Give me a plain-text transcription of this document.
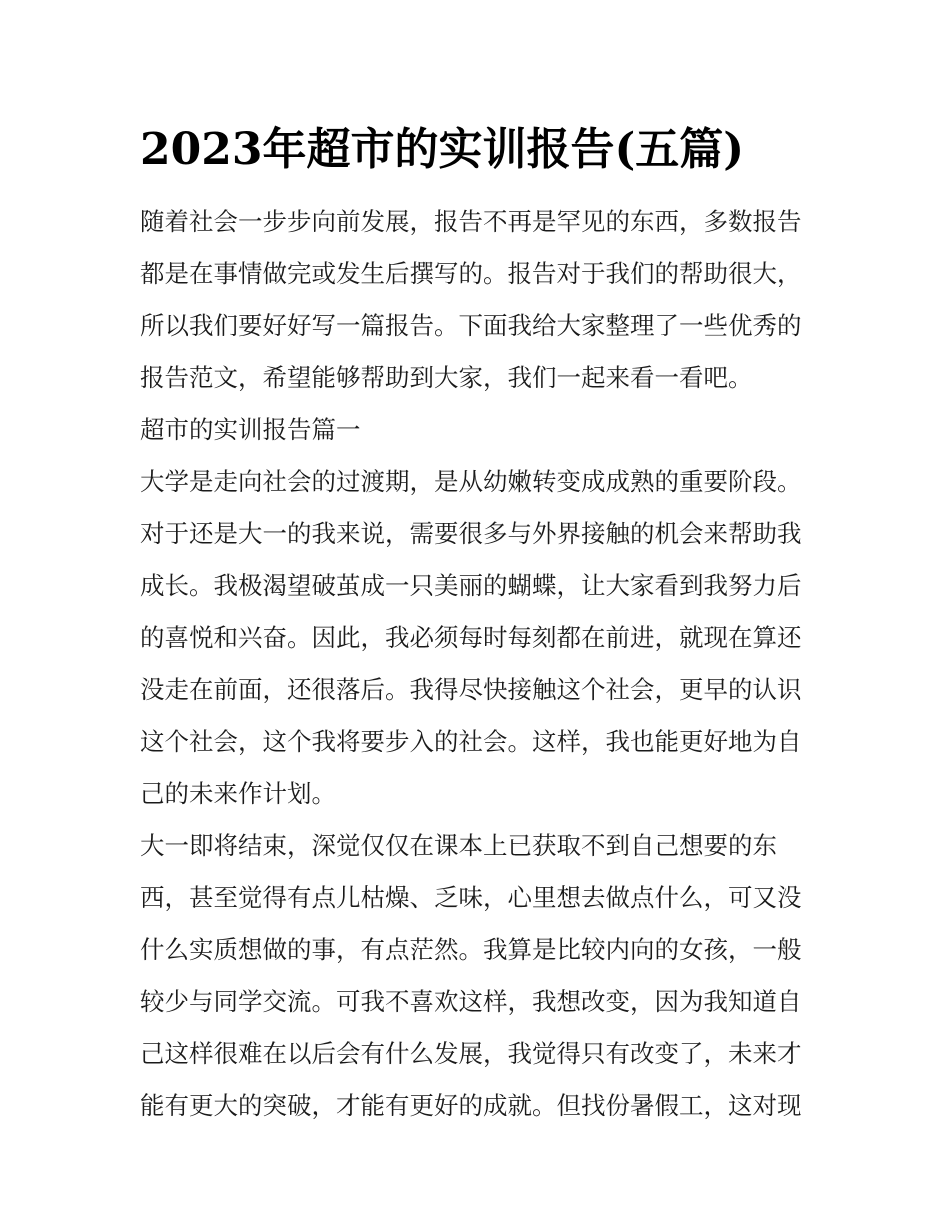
2023年超市的实训报告(五篇)

随着社会一步步向前发展，报告不再是罕见的东西，多数报告

都是在事情做完或发生后撰写的。报告对于我们的帮助很大，

所以我们要好好写一篇报告。下面我给大家整理了一些优秀的

报告范文，希望能够帮助到大家，我们一起来看一看吧。

超市的实训报告篇一

大学是走向社会的过渡期，是从幼嫩转变成成熟的重要阶段。

对于还是大一的我来说，需要很多与外界接触的机会来帮助我

成长。我极渴望破茧成一只美丽的蝴蝶，让大家看到我努力后

的喜悦和兴奋。因此，我必须每时每刻都在前进，就现在算还

没走在前面，还很落后。我得尽快接触这个社会，更早的认识

这个社会，这个我将要步入的社会。这样，我也能更好地为自

己的未来作计划。

大一即将结束，深觉仅仅在课本上已获取不到自己想要的东

西，甚至觉得有点儿枯燥、乏味，心里想去做点什么，可又没

什么实质想做的事，有点茫然。我算是比较内向的女孩，一般

较少与同学交流。可我不喜欢这样，我想改变，因为我知道自

己这样很难在以后会有什么发展，我觉得只有改变了，未来才

能有更大的突破，才能有更好的成就。但找份暑假工，这对现
